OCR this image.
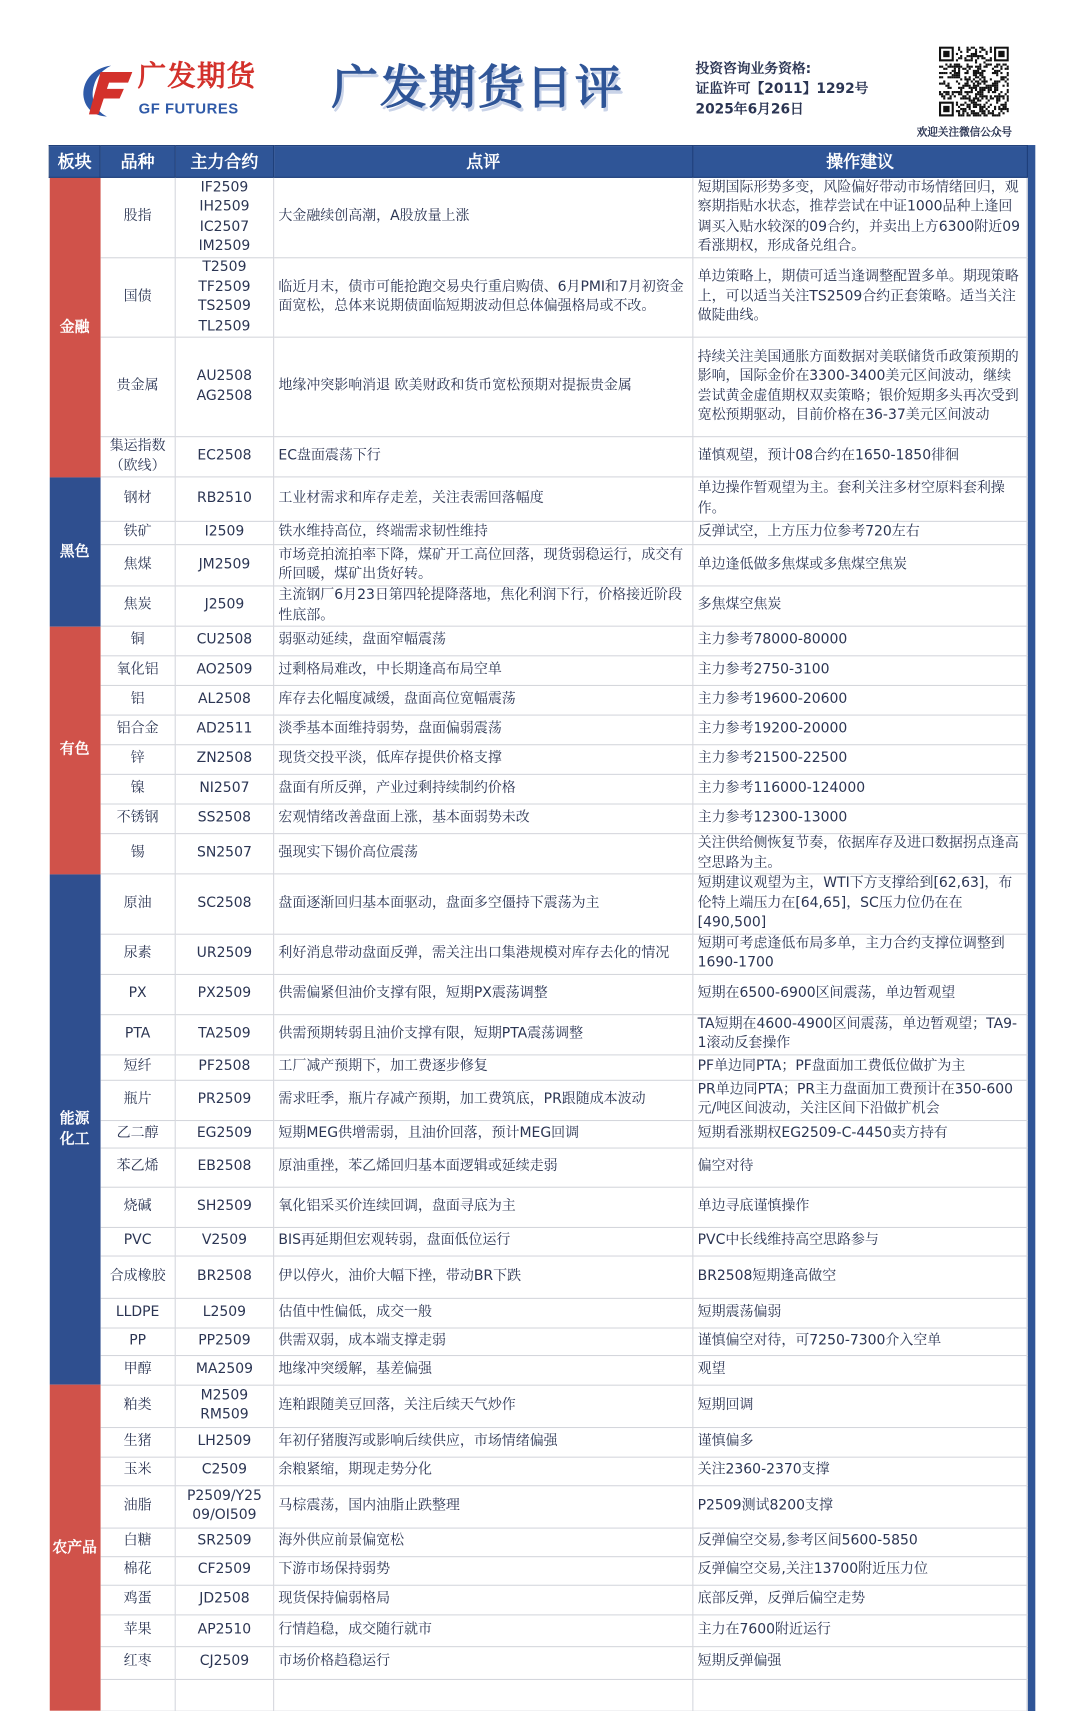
广发期货
GF FUTURES 广发期货日评	投资咨询业务资格:
证监许可【2011】1292号
2025年6月26日
欢迎关注微信公众号
板块	品种	主力合约	点评	操作建议

金融	股指	IF2509
IH2509
IC2507
IM2509	大金融续创高潮，A股放量上涨	短期国际形势多变，风险偏好带动市场情绪回归，观察期指贴水状态，推荐尝试在中证1000品种上逢回调买入贴水较深的09合约，并卖出上方6300附近09看涨期权，形成备兑组合。
	国债	T2509
TF2509
TS2509
TL2509	临近月末，债市可能抢跑交易央行重启购债、6月PMI和7月初资金面宽松，总体来说期债面临短期波动但总体偏强格局或不改。	单边策略上，期债可适当逢调整配置多单。期现策略上，可以适当关注TS2509合约正套策略。适当关注做陡曲线。
	贵金属	AU2508
AG2508	地缘冲突影响消退 欧美财政和货币宽松预期对提振贵金属	持续关注美国通胀方面数据对美联储货币政策预期的影响，国际金价在3300-3400美元区间波动，继续尝试黄金虚值期权双卖策略；银价短期多头再次受到宽松预期驱动，目前价格在36-37美元区间波动
	集运指数（欧线）	EC2508	EC盘面震荡下行	谨慎观望，预计08合约在1650-1850徘徊

黑色	钢材	RB2510	工业材需求和库存走差，关注表需回落幅度	单边操作暂观望为主。套利关注多材空原料套利操作。
	铁矿	I2509	铁水维持高位，终端需求韧性维持	反弹试空，上方压力位参考720左右
	焦煤	JM2509	市场竞拍流拍率下降，煤矿开工高位回落，现货弱稳运行，成交有所回暖，煤矿出货好转。	单边逢低做多焦煤或多焦煤空焦炭
	焦炭	J2509	主流钢厂6月23日第四轮提降落地，焦化利润下行，价格接近阶段性底部。	多焦煤空焦炭

有色	铜	CU2508	弱驱动延续，盘面窄幅震荡	主力参考78000-80000
	氧化铝	AO2509	过剩格局难改，中长期逢高布局空单	主力参考2750-3100
	铝	AL2508	库存去化幅度减缓，盘面高位宽幅震荡	主力参考19600-20600
	铝合金	AD2511	淡季基本面维持弱势，盘面偏弱震荡	主力参考19200-20000
	锌	ZN2508	现货交投平淡，低库存提供价格支撑	主力参考21500-22500
	镍	NI2507	盘面有所反弹，产业过剩持续制约价格	主力参考116000-124000
	不锈钢	SS2508	宏观情绪改善盘面上涨，基本面弱势未改	主力参考12300-13000
	锡	SN2507	强现实下锡价高位震荡	关注供给侧恢复节奏，依据库存及进口数据拐点逢高空思路为主。

能源
化工	原油	SC2508	盘面逐渐回归基本面驱动，盘面多空僵持下震荡为主	短期建议观望为主，WTI下方支撑给到[62,63]，布伦特上端压力在[64,65]，SC压力位仍在在[490,500]
	尿素	UR2509	利好消息带动盘面反弹，需关注出口集港规模对库存去化的情况	短期可考虑逢低布局多单，主力合约支撑位调整到1690-1700
	PX	PX2509	供需偏紧但油价支撑有限，短期PX震荡调整	短期在6500-6900区间震荡，单边暂观望
	PTA	TA2509	供需预期转弱且油价支撑有限，短期PTA震荡调整	TA短期在4600-4900区间震荡，单边暂观望；TA9-1滚动反套操作
	短纤	PF2508	工厂减产预期下，加工费逐步修复	PF单边同PTA；PF盘面加工费低位做扩为主
	瓶片	PR2509	需求旺季，瓶片存减产预期，加工费筑底，PR跟随成本波动	PR单边同PTA；PR主力盘面加工费预计在350-600元/吨区间波动，关注区间下沿做扩机会
	乙二醇	EG2509	短期MEG供增需弱，且油价回落，预计MEG回调	短期看涨期权EG2509-C-4450卖方持有
	苯乙烯	EB2508	原油重挫，苯乙烯回归基本面逻辑或延续走弱	偏空对待
	烧碱	SH2509	氧化铝采买价连续回调，盘面寻底为主	单边寻底谨慎操作
	PVC	V2509	BIS再延期但宏观转弱，盘面低位运行	PVC中长线维持高空思路参与
	合成橡胶	BR2508	伊以停火，油价大幅下挫，带动BR下跌	BR2508短期逢高做空
	LLDPE	L2509	估值中性偏低，成交一般	短期震荡偏弱
	PP	PP2509	供需双弱，成本端支撑走弱	谨慎偏空对待，可7250-7300介入空单
	甲醇	MA2509	地缘冲突缓解，基差偏强	观望

农产品	粕类	M2509
RM509	连粕跟随美豆回落，关注后续天气炒作	短期回调
	生猪	LH2509	年初仔猪腹泻或影响后续供应，市场情绪偏强	谨慎偏多
	玉米	C2509	余粮紧缩，期现走势分化	关注2360-2370支撑
	油脂	P2509/Y25
09/OI509	马棕震荡，国内油脂止跌整理	P2509测试8200支撑
	白糖	SR2509	海外供应前景偏宽松	反弹偏空交易,参考区间5600-5850
	棉花	CF2509	下游市场保持弱势	反弹偏空交易,关注13700附近压力位
	鸡蛋	JD2508	现货保持偏弱格局	底部反弹，反弹后偏空走势
	苹果	AP2510	行情趋稳，成交随行就市	主力在7600附近运行
	红枣	CJ2509	市场价格趋稳运行	短期反弹偏强
